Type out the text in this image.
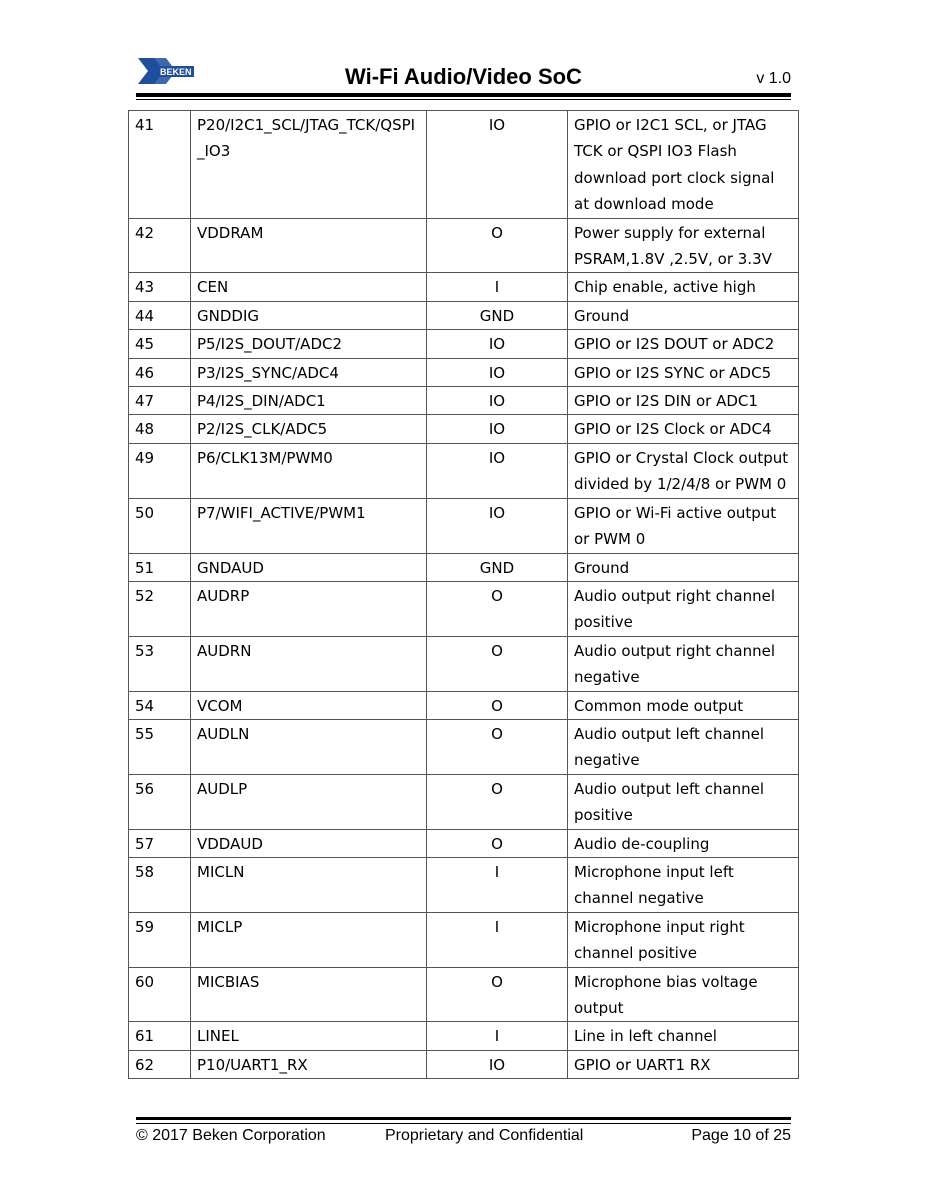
BEKEN	Wi-Fi Audio/Video SoC	v 1.0
41	P20/I2C1_SCL/JTAG_TCK/QSPI_IO3	IO	GPIO or I2C1 SCL, or JTAG TCK or QSPI IO3 Flash download port clock signal at download mode
42	VDDRAM	O	Power supply for external PSRAM,1.8V ,2.5V, or 3.3V
43	CEN	I	Chip enable, active high
44	GNDDIG	GND	Ground
45	P5/I2S_DOUT/ADC2	IO	GPIO or I2S DOUT or ADC2
46	P3/I2S_SYNC/ADC4	IO	GPIO or I2S SYNC or ADC5
47	P4/I2S_DIN/ADC1	IO	GPIO or I2S DIN or ADC1
48	P2/I2S_CLK/ADC5	IO	GPIO or I2S Clock or ADC4
49	P6/CLK13M/PWM0	IO	GPIO or Crystal Clock output divided by 1/2/4/8 or PWM 0
50	P7/WIFI_ACTIVE/PWM1	IO	GPIO or Wi-Fi active output or PWM 0
51	GNDAUD	GND	Ground
52	AUDRP	O	Audio output right channel positive
53	AUDRN	O	Audio output right channel negative
54	VCOM	O	Common mode output
55	AUDLN	O	Audio output left channel negative
56	AUDLP	O	Audio output left channel positive
57	VDDAUD	O	Audio de-coupling
58	MICLN	I	Microphone input left channel negative
59	MICLP	I	Microphone input right channel positive
60	MICBIAS	O	Microphone bias voltage output
61	LINEL	I	Line in left channel
62	P10/UART1_RX	IO	GPIO or UART1 RX
© 2017 Beken Corporation	Proprietary and Confidential	Page 10 of 25
